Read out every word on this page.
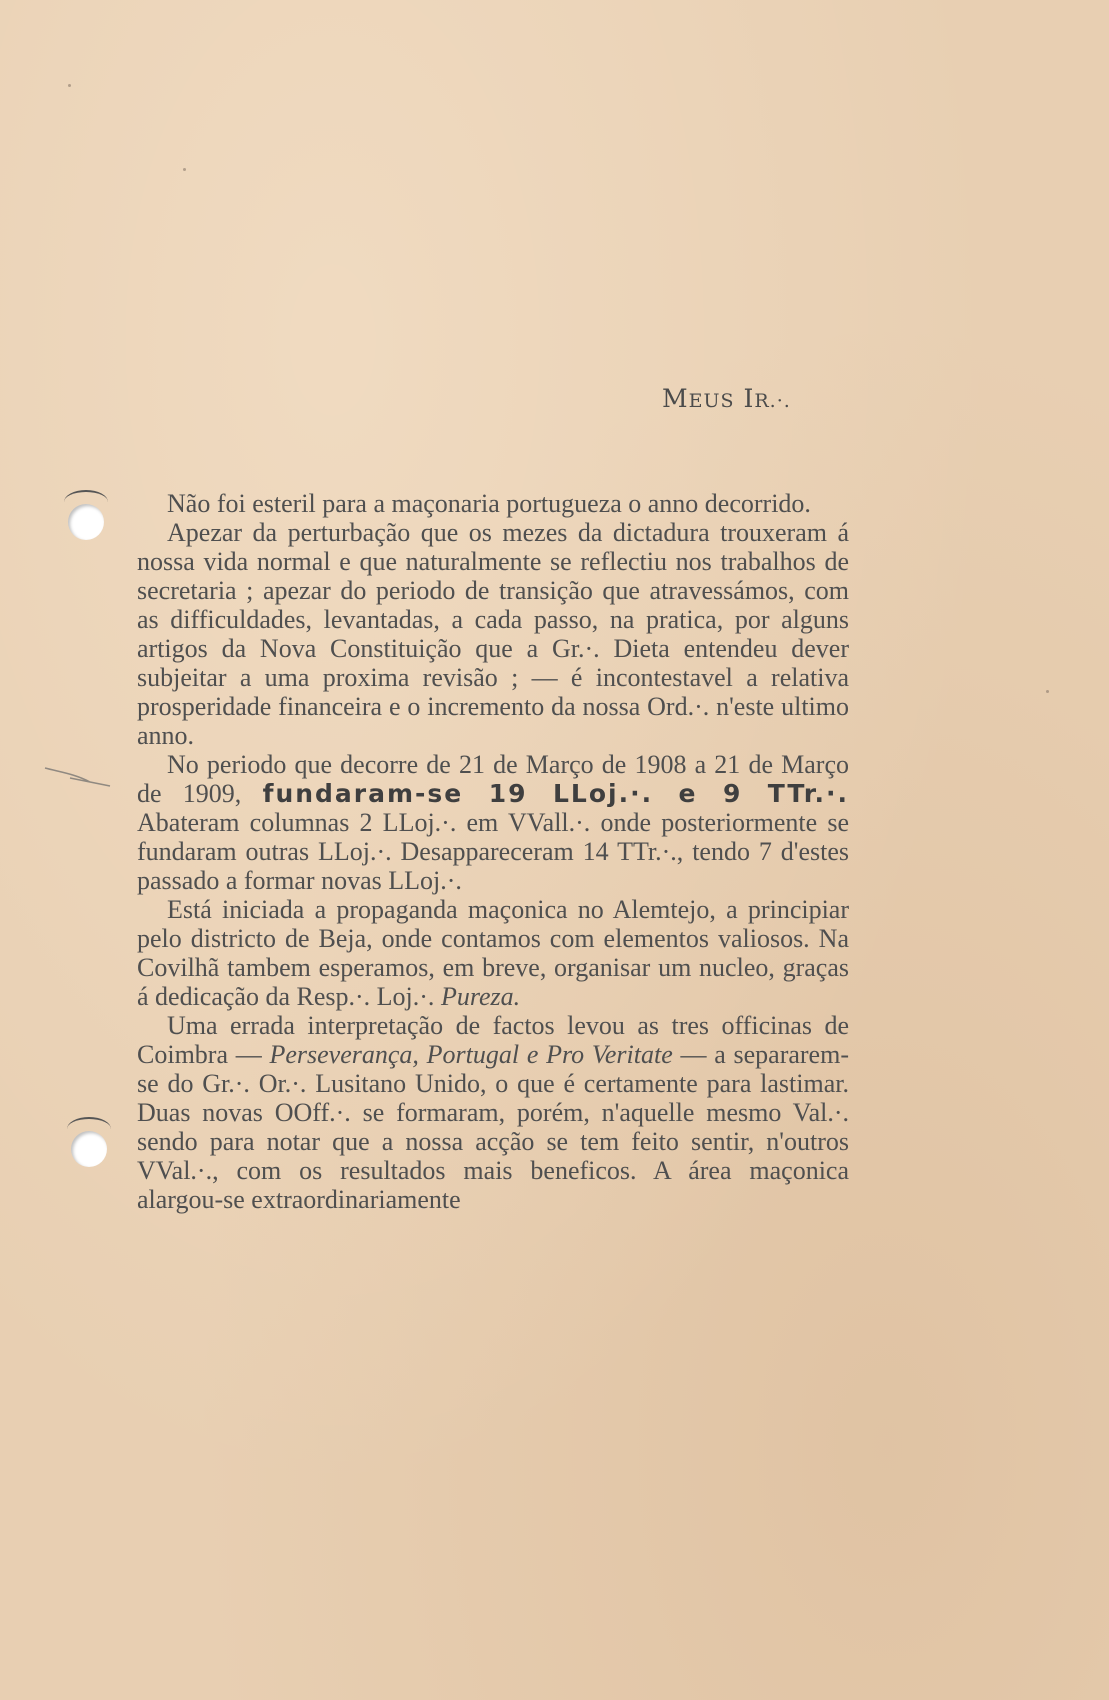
MEUS IR.·.

Não foi esteril para a maçonaria portugueza o anno decorrido.

Apezar da perturbação que os mezes da dictadura trouxeram á nossa vida normal e que naturalmente se reflectiu nos trabalhos de secretaria ; apezar do periodo de transição que atravessámos, com as difficuldades, levantadas, a cada passo, na pratica, por alguns artigos da Nova Constituição que a Gr.·. Dieta entendeu dever subjeitar a uma proxima revisão ; — é incontestavel a relativa prosperidade financeira e o incremento da nossa Ord.·. n'este ultimo anno.

No periodo que decorre de 21 de Março de 1908 a 21 de Março de 1909, fundaram-se 19 LLoj.·. e 9 TTr.·. Abateram columnas 2 LLoj.·. em VVall.·. onde posteriormente se fundaram outras LLoj.·. Desappareceram 14 TTr.·., tendo 7 d'estes passado a formar novas LLoj.·.

Está iniciada a propaganda maçonica no Alemtejo, a principiar pelo districto de Beja, onde contamos com elementos valiosos. Na Covilhã tambem esperamos, em breve, organisar um nucleo, graças á dedicação da Resp.·. Loj.·. Pureza.

Uma errada interpretação de factos levou as tres officinas de Coimbra — Perseverança, Portugal e Pro Veritate — a separarem-se do Gr.·. Or.·. Lusitano Unido, o que é certamente para lastimar. Duas novas OOff.·. se formaram, porém, n'aquelle mesmo Val.·. sendo para notar que a nossa acção se tem feito sentir, n'outros VVal.·., com os resultados mais beneficos. A área maçonica alargou-se extraordinariamente
